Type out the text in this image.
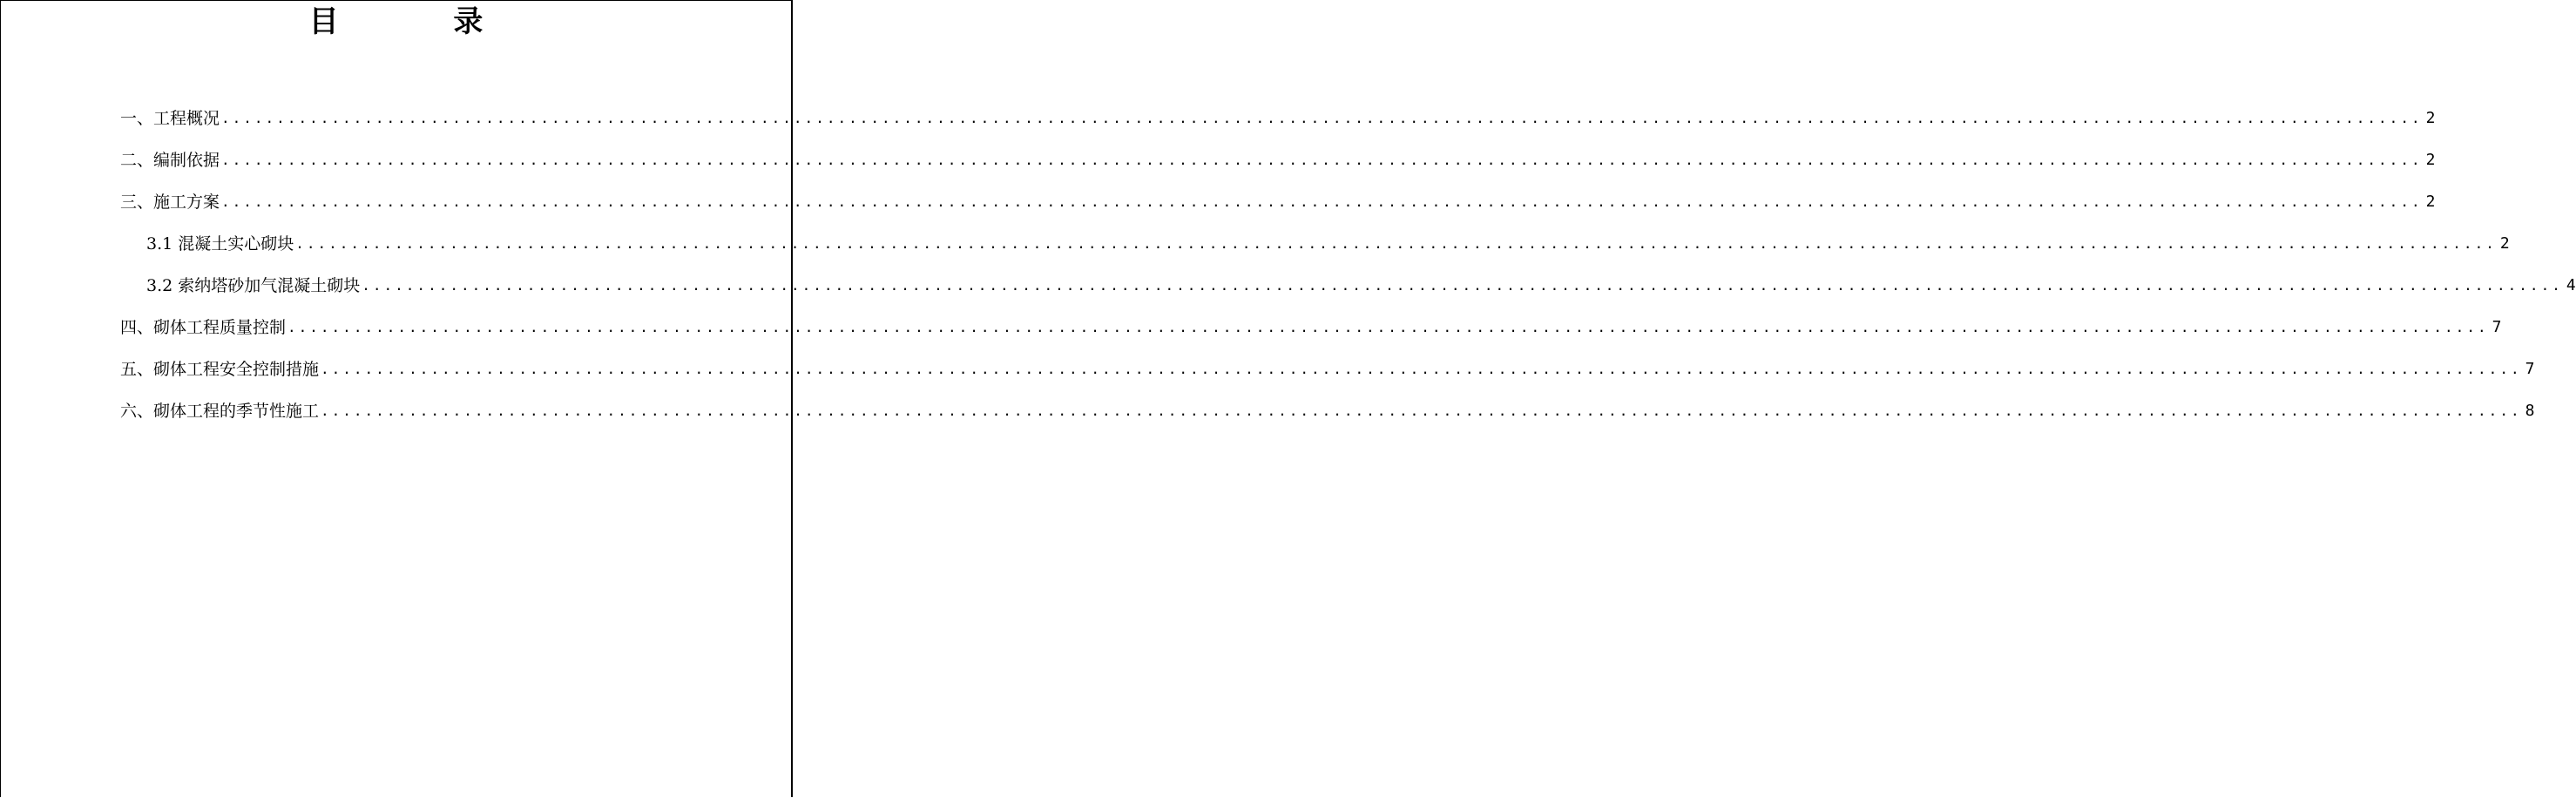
目 录
一、工程概况 ........................................................................................................................................................................................................ 2
二、编制依据 ........................................................................................................................................................................................................ 2
三、施工方案 ........................................................................................................................................................................................................ 2
3.1 混凝土实心砌块 ........................................................................................................................................................................................................ 2
3.2 索纳塔砂加气混凝土砌块 ........................................................................................................................................................................................................ 4
四、砌体工程质量控制 ........................................................................................................................................................................................................ 7
五、砌体工程安全控制措施 ........................................................................................................................................................................................................ 7
六、砌体工程的季节性施工 ........................................................................................................................................................................................................ 8
